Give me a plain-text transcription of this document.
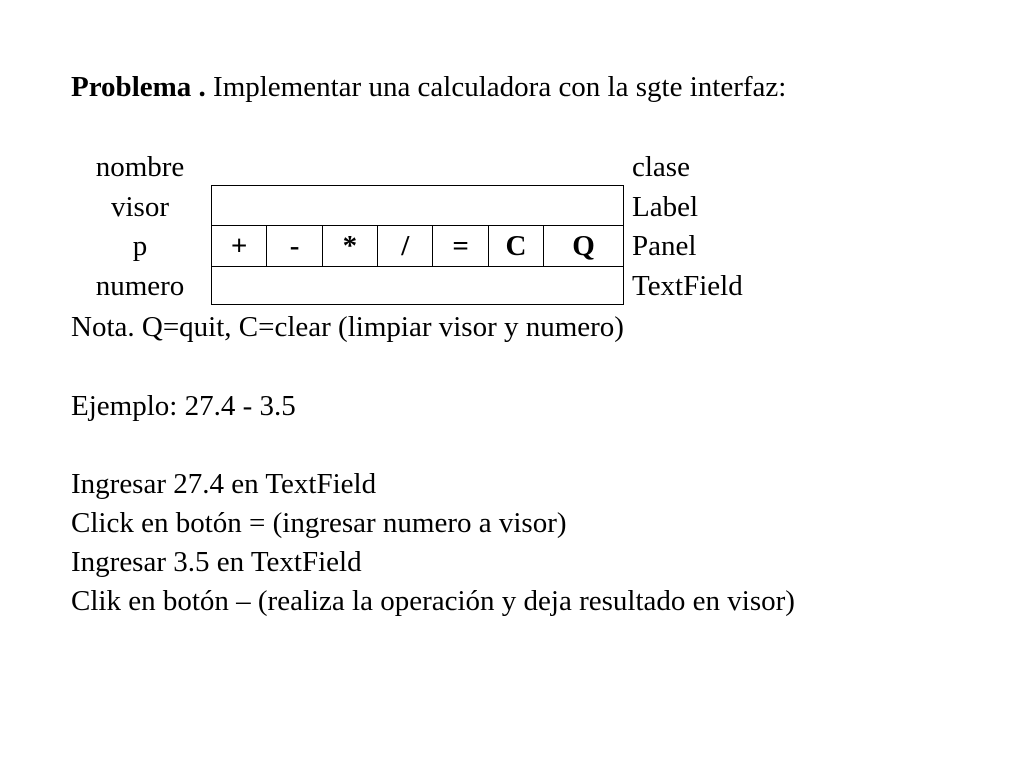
Problema . Implementar una calculadora con la sgte interfaz:
nombre	clase
visor	Label
p	+	-	*	/	=	C	Q	Panel
numero	TextField
Nota. Q=quit, C=clear (limpiar visor y numero)
Ejemplo: 27.4 - 3.5
Ingresar 27.4 en TextField
Click en botón = (ingresar numero a visor)
Ingresar 3.5 en TextField
Clik en botón – (realiza la operación y deja resultado en visor)
